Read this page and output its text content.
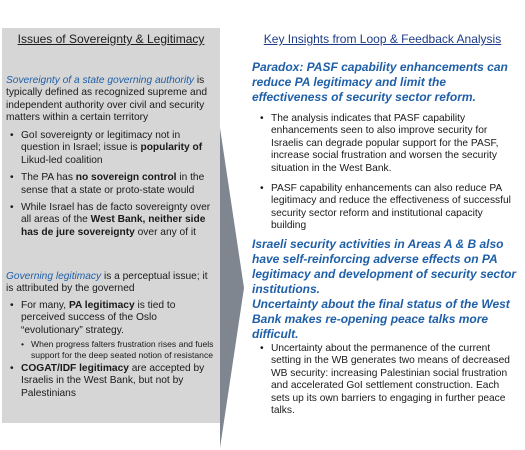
Issues of Sovereignty & Legitimacy
Sovereignty of a state governing authority is typically defined as recognized supreme and independent authority over civil and security matters within a certain territory
• GoI sovereignty or legitimacy not in question in Israel; issue is popularity of Likud-led coalition
• The PA has no sovereign control in the sense that a state or proto-state would
• While Israel has de facto sovereignty over all areas of the West Bank, neither side has de jure sovereignty over any of it
Governing legitimacy is a perceptual issue; it is attributed by the governed
• For many, PA legitimacy is tied to perceived success of the Oslo “evolutionary” strategy.
• When progress falters frustration rises and fuels support for the deep seated notion of resistance
• COGAT/IDF legitimacy are accepted by Israelis in the West Bank, but not by Palestinians
Key Insights from Loop & Feedback Analysis
Paradox: PASF capability enhancements can reduce PA legitimacy and limit the effectiveness of security sector reform.
• The analysis indicates that PASF capability enhancements seen to also improve security for Israelis can degrade popular support for the PASF, increase social frustration and worsen the security situation in the West Bank.
• PASF capability enhancements can also reduce PA legitimacy and reduce the effectiveness of successful security sector reform and institutional capacity building
Israeli security activities in Areas A & B also have self-reinforcing adverse effects on PA legitimacy and development of security sector institutions.
Uncertainty about the final status of the West Bank makes re-opening peace talks more difficult.
• Uncertainty about the permanence of the current setting in the WB generates two means of decreased WB security: increasing Palestinian social frustration and accelerated GoI settlement construction. Each sets up its own barriers to engaging in further peace talks.
